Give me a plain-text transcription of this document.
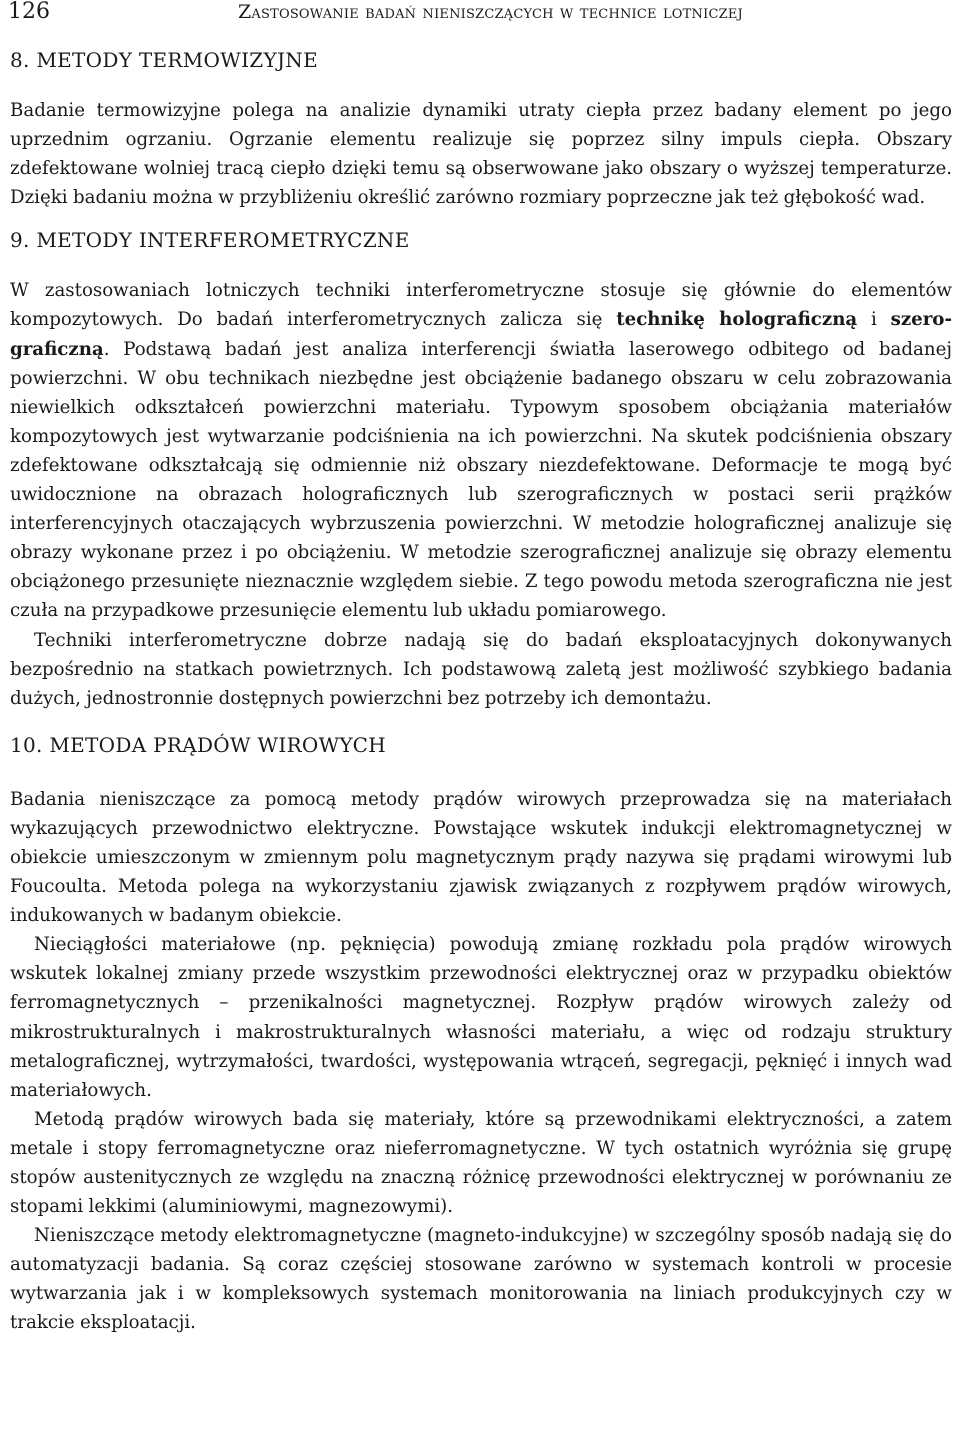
126	Zastosowanie badań nieniszczących w technice lotniczej
8. METODY TERMOWIZYJNE

Badanie termowizyjne polega na analizie dynamiki utraty ciepła przez badany element po jego uprzednim ogrzaniu. Ogrzanie elementu realizuje się poprzez silny impuls ciepła. Obszary zdefektowane wolniej tracą ciepło dzięki temu są obserwowane jako obszary o wyższej temperaturze. Dzięki badaniu można w przybliżeniu określić zarówno rozmiary poprzeczne jak też głębokość wad.

9. METODY INTERFEROMETRYCZNE

W zastosowaniach lotniczych techniki interferometryczne stosuje się głównie do elementów kompozytowych. Do badań interferometrycznych zalicza się technikę holograficzną i szerograficzną. Podstawą badań jest analiza interferencji światła laserowego odbitego od badanej powierzchni. W obu technikach niezbędne jest obciążenie badanego obszaru w celu zobrazowania niewielkich odkształceń powierzchni materiału. Typowym sposobem obciążania materiałów kompozytowych jest wytwarzanie podciśnienia na ich powierzchni. Na skutek podciśnienia obszary zdefektowane odkształcają się odmiennie niż obszary niezdefektowane. Deformacje te mogą być uwidocznione na obrazach holograficznych lub szerograficznych w postaci serii prążków interferencyjnych otaczających wybrzuszenia powierzchni. W metodzie holograficznej analizuje się obrazy wykonane przez i po obciążeniu. W metodzie szerograficznej analizuje się obrazy elementu obciążonego przesunięte nieznacznie względem siebie. Z tego powodu metoda szerograficzna nie jest czuła na przypadkowe przesunięcie elementu lub układu pomiarowego.

Techniki interferometryczne dobrze nadają się do badań eksploatacyjnych dokonywanych bezpośrednio na statkach powietrznych. Ich podstawową zaletą jest możliwość szybkiego badania dużych, jednostronnie dostępnych powierzchni bez potrzeby ich demontażu.

10. METODA PRĄDÓW WIROWYCH

Badania nieniszczące za pomocą metody prądów wirowych przeprowadza się na materiałach wykazujących przewodnictwo elektryczne. Powstające wskutek indukcji elektromagnetycznej w obiekcie umieszczonym w zmiennym polu magnetycznym prądy nazywa się prądami wirowymi lub Foucoulta. Metoda polega na wykorzystaniu zjawisk związanych z rozpływem prądów wirowych, indukowanych w badanym obiekcie.

Nieciągłości materiałowe (np. pęknięcia) powodują zmianę rozkładu pola prądów wirowych wskutek lokalnej zmiany przede wszystkim przewodności elektrycznej oraz w przypadku obiektów ferromagnetycznych – przenikalności magnetycznej. Rozpływ prądów wirowych zależy od mikrostrukturalnych i makrostrukturalnych własności materiału, a więc od rodzaju struktury metalograficznej, wytrzymałości, twardości, występowania wtrąceń, segregacji, pęknięć i innych wad materiałowych.

Metodą prądów wirowych bada się materiały, które są przewodnikami elektryczności, a zatem metale i stopy ferromagnetyczne oraz nieferromagnetyczne. W tych ostatnich wyróżnia się grupę stopów austenitycznych ze względu na znaczną różnicę przewodności elektrycznej w porównaniu ze stopami lekkimi (aluminiowymi, magnezowymi).

Nieniszczące metody elektromagnetyczne (magneto-indukcyjne) w szczególny sposób nadają się do automatyzacji badania. Są coraz częściej stosowane zarówno w systemach kontroli w procesie wytwarzania jak i w kompleksowych systemach monitorowania na liniach produkcyjnych czy w trakcie eksploatacji.
